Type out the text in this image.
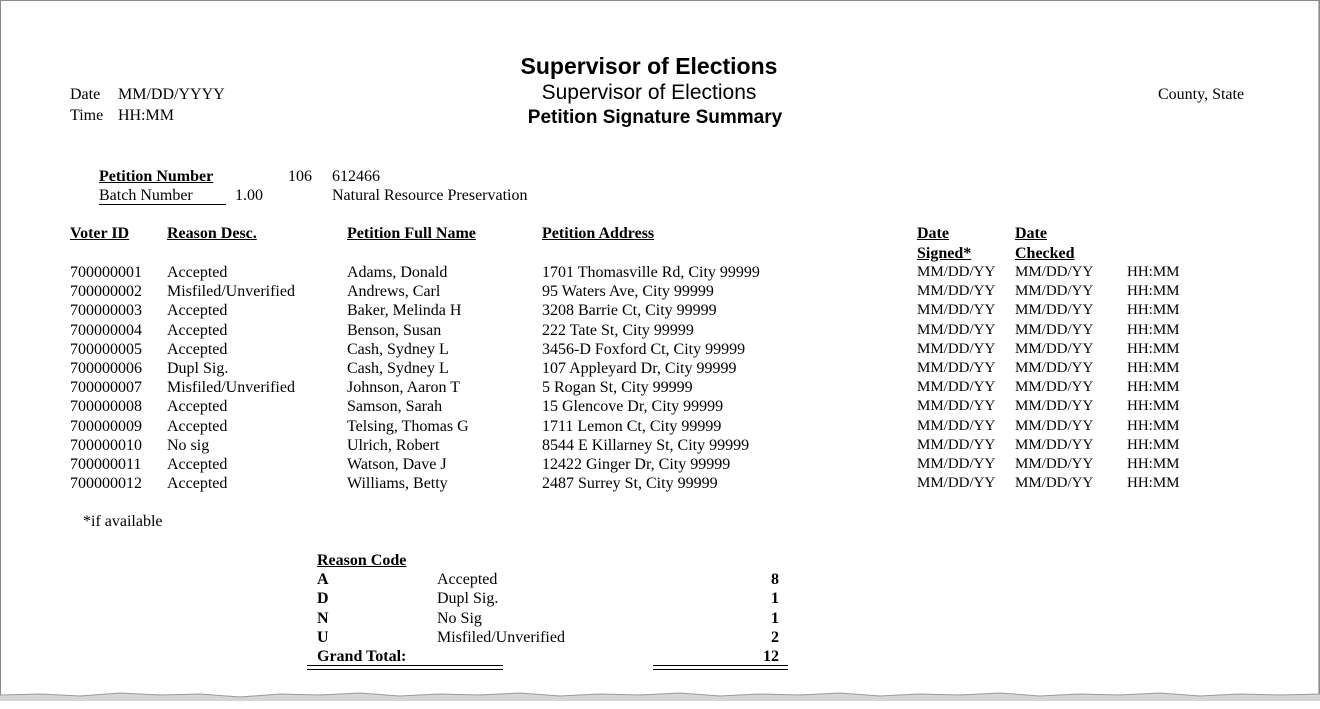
Supervisor of Elections
Supervisor of Elections
Petition Signature Summary
Date MM/DD/YYYY
Time HH:MM
County, State
Petition Number	106 612466
Batch Number	1.00	Natural Resource Preservation
Voter ID Reason Desc.	Petition Full Name	Petition Address	Date
Signed*
Date
Checked
700000001 Accepted	Adams, Donald	1701 Thomasville Rd, City 99999	MM/DD/YY MM/DD/YY HH:MM
700000002 Misfiled/Unverified	Andrews, Carl	95 Waters Ave, City 99999	MM/DD/YY MM/DD/YY HH:MM
700000003 Accepted	Baker, Melinda H	3208 Barrie Ct, City 99999	MM/DD/YY MM/DD/YY HH:MM
700000004 Accepted	Benson, Susan	222 Tate St, City 99999	MM/DD/YY MM/DD/YY HH:MM
700000005 Accepted	Cash, Sydney L	3456-D Foxford Ct, City 99999	MM/DD/YY MM/DD/YY HH:MM
700000006 Dupl Sig.	Cash, Sydney L	107 Appleyard Dr, City 99999	MM/DD/YY MM/DD/YY HH:MM
700000007 Misfiled/Unverified	Johnson, Aaron T	5 Rogan St, City 99999	MM/DD/YY MM/DD/YY HH:MM
700000008 Accepted	Samson, Sarah	15 Glencove Dr, City 99999	MM/DD/YY MM/DD/YY HH:MM
700000009 Accepted	Telsing, Thomas G	1711 Lemon Ct, City 99999	MM/DD/YY MM/DD/YY HH:MM
700000010 No sig	Ulrich, Robert	8544 E Killarney St, City 99999	MM/DD/YY MM/DD/YY HH:MM
700000011 Accepted	Watson, Dave J	12422 Ginger Dr, City 99999	MM/DD/YY MM/DD/YY HH:MM
700000012 Accepted	Williams, Betty	2487 Surrey St, City 99999	MM/DD/YY MM/DD/YY HH:MM
*if available
Reason Code
A	Accepted	8
D	Dupl Sig.	1
N	No Sig	1
U	Misfiled/Unverified	2
Grand Total:	12
